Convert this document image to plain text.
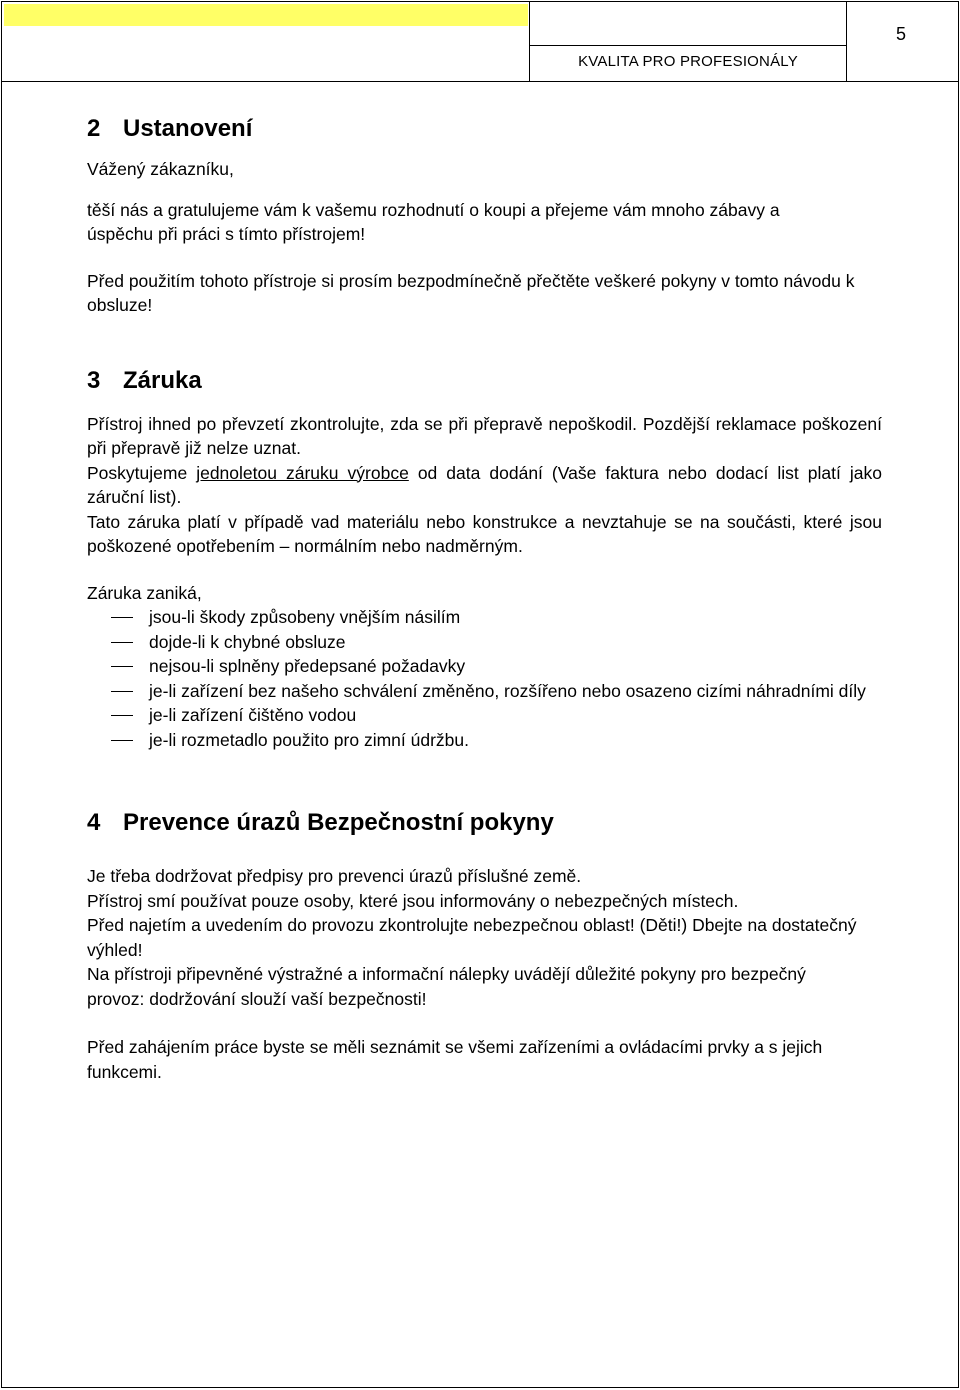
KVALITA PRO PROFESIONÁLY
5
2 Ustanovení

Vážený zákazníku,

těší nás a gratulujeme vám k vašemu rozhodnutí o koupi a přejeme vám mnoho zábavy a úspěchu při práci s tímto přístrojem!

Před použitím tohoto přístroje si prosím bezpodmínečně přečtěte veškeré pokyny v tomto návodu k obsluze!

3 Záruka

Přístroj ihned po převzetí zkontrolujte, zda se při přepravě nepoškodil. Pozdější reklamace poškození při přepravě již nelze uznat.

Poskytujeme jednoletou záruku výrobce od data dodání (Vaše faktura nebo dodací list platí jako záruční list).

Tato záruka platí v případě vad materiálu nebo konstrukce a nevztahuje se na součásti, které jsou poškozené opotřebením – normálním nebo nadměrným.

Záruka zaniká,

jsou-li škody způsobeny vnějším násilím
dojde-li k chybné obsluze
nejsou-li splněny předepsané požadavky
je-li zařízení bez našeho schválení změněno, rozšířeno nebo osazeno cizími náhradními díly
je-li zařízení čištěno vodou
je-li rozmetadlo použito pro zimní údržbu.
4 Prevence úrazů Bezpečnostní pokyny

Je třeba dodržovat předpisy pro prevenci úrazů příslušné země.

Přístroj smí používat pouze osoby, které jsou informovány o nebezpečných místech.

Před najetím a uvedením do provozu zkontrolujte nebezpečnou oblast! (Děti!) Dbejte na dostatečný výhled!

Na přístroji připevněné výstražné a informační nálepky uvádějí důležité pokyny pro bezpečný provoz: dodržování slouží vaší bezpečnosti!

Před zahájením práce byste se měli seznámit se všemi zařízeními a ovládacími prvky a s jejich funkcemi.
